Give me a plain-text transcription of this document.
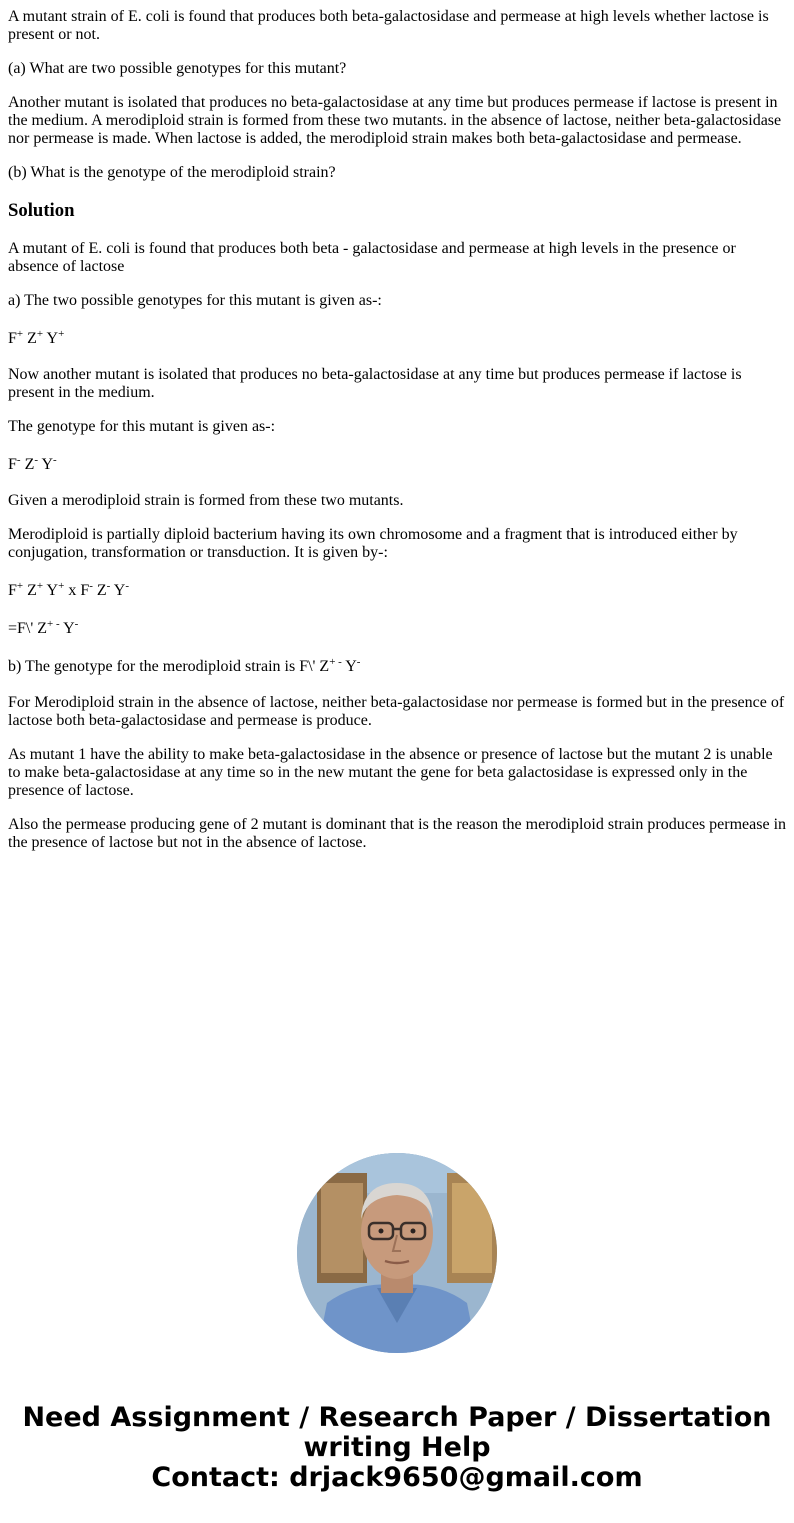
A mutant strain of E. coli is found that produces both beta-galactosidase and permease at high levels whether lactose is present or not.

(a) What are two possible genotypes for this mutant?

Another mutant is isolated that produces no beta-galactosidase at any time but produces permease if lactose is present in the medium. A merodiploid strain is formed from these two mutants. in the absence of lactose, neither beta-galactosidase nor permease is made. When lactose is added, the merodiploid strain makes both beta-galactosidase and permease.

(b) What is the genotype of the merodiploid strain?

Solution

A mutant of E. coli is found that produces both beta - galactosidase and permease at high levels in the presence or absence of lactose

a) The two possible genotypes for this mutant is given as-:

F+ Z+ Y+

Now another mutant is isolated that produces no beta-galactosidase at any time but produces permease if lactose is present in the medium.

The genotype for this mutant is given as-:

F- Z- Y-

Given a merodiploid strain is formed from these two mutants.

Merodiploid is partially diploid bacterium having its own chromosome and a fragment that is introduced either by conjugation, transformation or transduction. It is given by-:

F+ Z+ Y+ x F- Z- Y-

=F\' Z+ - Y-

b) The genotype for the merodiploid strain is F\' Z+ - Y-

For Merodiploid strain in the absence of lactose, neither beta-galactosidase nor permease is formed but in the presence of lactose both beta-galactosidase and permease is produce.

As mutant 1 have the ability to make beta-galactosidase in the absence or presence of lactose but the mutant 2 is unable to make beta-galactosidase at any time so in the new mutant the gene for beta galactosidase is expressed only in the presence of lactose.

Also the permease producing gene of 2 mutant is dominant that is the reason the merodiploid strain produces permease in the presence of lactose but not in the absence of lactose.

Need Assignment / Research Paper / Dissertation
writing Help
Contact: drjack9650@gmail.com
